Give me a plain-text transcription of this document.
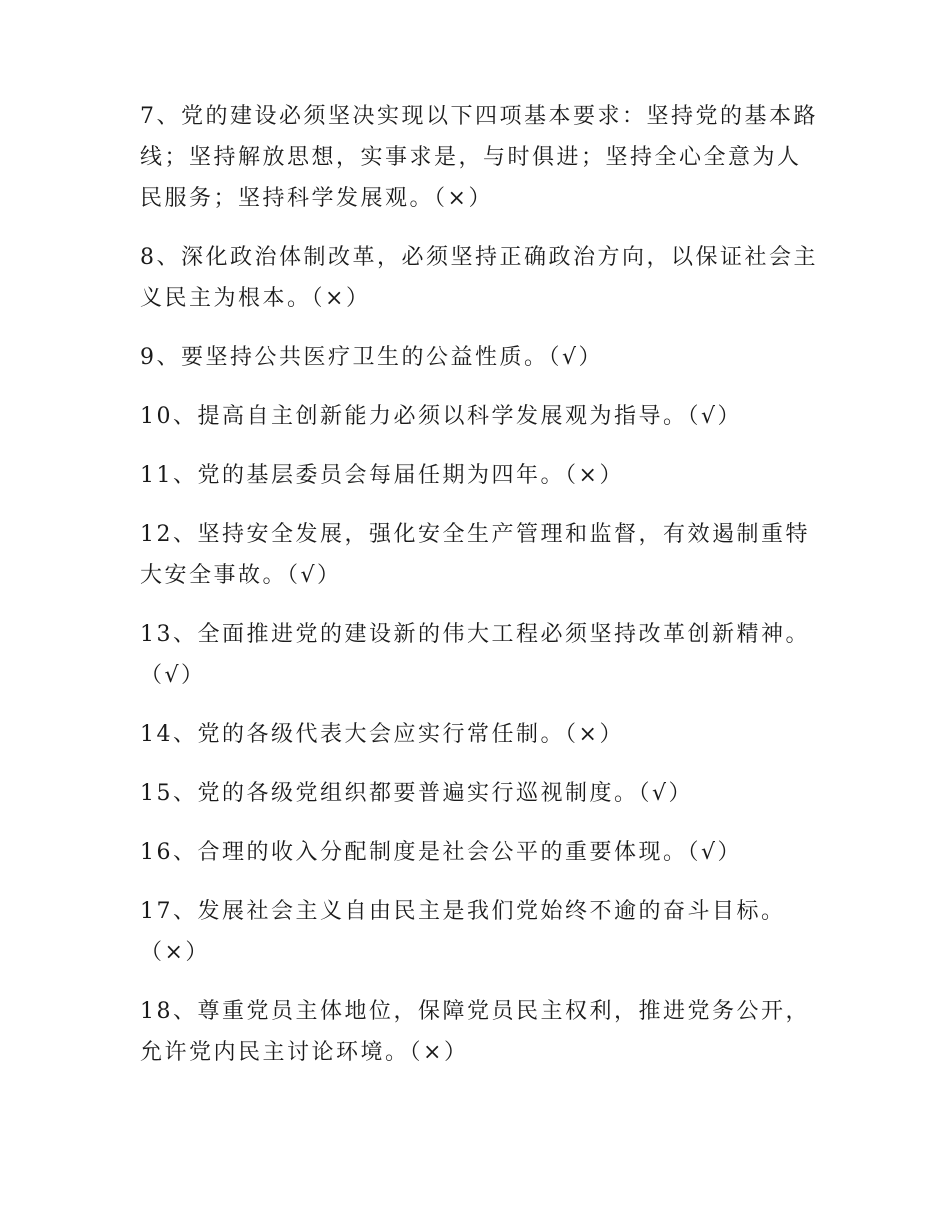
7、党的建设必须坚决实现以下四项基本要求：坚持党的基本路线；坚持解放思想，实事求是，与时俱进；坚持全心全意为人民服务；坚持科学发展观。（×）

8、深化政治体制改革，必须坚持正确政治方向，以保证社会主义民主为根本。（×）

9、要坚持公共医疗卫生的公益性质。（√）

10、提高自主创新能力必须以科学发展观为指导。（√）

11、党的基层委员会每届任期为四年。（×）

12、坚持安全发展，强化安全生产管理和监督，有效遏制重特大安全事故。（√）

13、全面推进党的建设新的伟大工程必须坚持改革创新精神。（√）

14、党的各级代表大会应实行常任制。（×）

15、党的各级党组织都要普遍实行巡视制度。（√）

16、合理的收入分配制度是社会公平的重要体现。（√）

17、发展社会主义自由民主是我们党始终不逾的奋斗目标。（×）

18、尊重党员主体地位，保障党员民主权利，推进党务公开，允许党内民主讨论环境。（×）
